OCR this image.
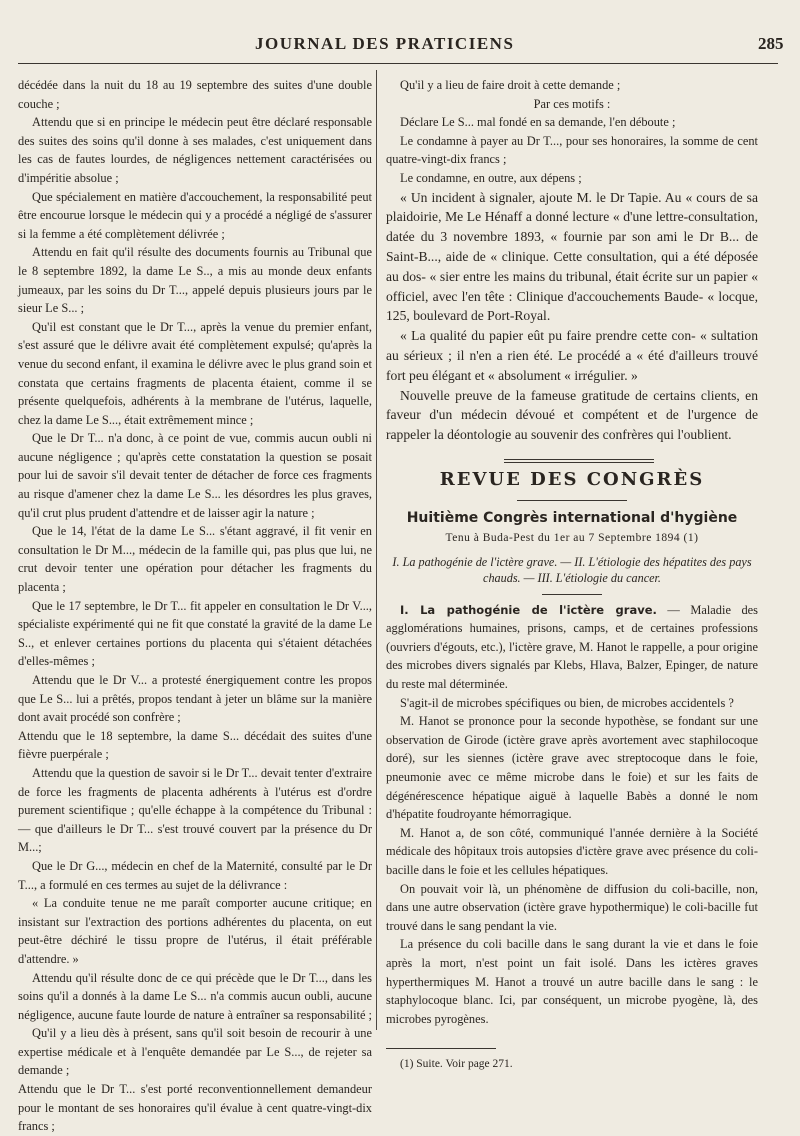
JOURNAL DES PRATICIENS	285

décédée dans la nuit du 18 au 19 septembre des suites d'une double couche ;

Attendu que si en principe le médecin peut être déclaré responsable des suites des soins qu'il donne à ses malades, c'est uniquement dans les cas de fautes lourdes, de négligences nettement caractérisées ou d'impéritie absolue ;

Que spécialement en matière d'accouchement, la responsabilité peut être encourue lorsque le médecin qui y a procédé a négligé de s'assurer si la femme a été complètement délivrée ;

Attendu en fait qu'il résulte des documents fournis au Tribunal que le 8 septembre 1892, la dame Le S.., a mis au monde deux enfants jumeaux, par les soins du Dr T..., appelé depuis plusieurs jours par le sieur Le S... ;

Qu'il est constant que le Dr T..., après la venue du premier enfant, s'est assuré que le délivre avait été complètement expulsé; qu'après la venue du second enfant, il examina le délivre avec le plus grand soin et constata que certains fragments de placenta étaient, comme il se présente quelquefois, adhérents à la membrane de l'utérus, laquelle, chez la dame Le S..., était extrêmement mince ;

Que le Dr T... n'a donc, à ce point de vue, commis aucun oubli ni aucune négligence ; qu'après cette constatation la question se posait pour lui de savoir s'il devait tenter de détacher de force ces fragments au risque d'amener chez la dame Le S... les désordres les plus graves, qu'il crut plus prudent d'attendre et de laisser agir la nature ;

Que le 14, l'état de la dame Le S... s'étant aggravé, il fit venir en consultation le Dr M..., médecin de la famille qui, pas plus que lui, ne crut devoir tenter une opération pour détacher les fragments du placenta ;

Que le 17 septembre, le Dr T... fit appeler en consultation le Dr V..., spécialiste expérimenté qui ne fit que constaté la gravité de la dame Le S.., et enlever certaines portions du placenta qui s'étaient détachées d'elles-mêmes ;

Attendu que le Dr V... a protesté énergiquement contre les propos que Le S... lui a prêtés, propos tendant à jeter un blâme sur la manière dont avait procédé son confrère ;

Attendu que le 18 septembre, la dame S... décédait des suites d'une fièvre puerpérale ;

Attendu que la question de savoir si le Dr T... devait tenter d'extraire de force les fragments de placenta adhérents à l'utérus est d'ordre purement scientifique ; qu'elle échappe à la compétence du Tribunal : — que d'ailleurs le Dr T... s'est trouvé couvert par la présence du Dr M...;

Que le Dr G..., médecin en chef de la Maternité, consulté par le Dr T..., a formulé en ces termes au sujet de la délivrance :

« La conduite tenue ne me paraît comporter aucune critique; en insistant sur l'extraction des portions adhérentes du placenta, on eut peut-être déchiré le tissu propre de l'utérus, il était préférable d'attendre. »

Attendu qu'il résulte donc de ce qui précède que le Dr T..., dans les soins qu'il a donnés à la dame Le S... n'a commis aucun oubli, aucune négligence, aucune faute lourde de nature à entraîner sa responsabilité ;

Qu'il y a lieu dès à présent, sans qu'il soit besoin de recourir à une expertise médicale et à l'enquête demandée par Le S..., de rejeter sa demande ;

Attendu que le Dr T... s'est porté reconventionnellement demandeur pour le montant de ses honoraires qu'il évalue à cent quatre-vingt-dix francs ;

Qu'il y a lieu de faire droit à cette demande ;

Par ces motifs :

Déclare Le S... mal fondé en sa demande, l'en déboute ;

Le condamne à payer au Dr T..., pour ses honoraires, la somme de cent quatre-vingt-dix francs ;

Le condamne, en outre, aux dépens ;

« Un incident à signaler, ajoute M. le Dr Tapie. Au « cours de sa plaidoirie, Me Le Hénaff a donné lecture « d'une lettre-consultation, datée du 3 novembre 1893, « fournie par son ami le Dr B... de Saint-B..., aide de « clinique. Cette consultation, qui a été déposée au dos- « sier entre les mains du tribunal, était écrite sur un papier « officiel, avec l'en tête : Clinique d'accouchements Baude- « locque, 125, boulevard de Port-Royal.

« La qualité du papier eût pu faire prendre cette con- « sultation au sérieux ; il n'en a rien été. Le procédé a « été d'ailleurs trouvé fort peu élégant et « absolument « irrégulier. »

Nouvelle preuve de la fameuse gratitude de certains clients, en faveur d'un médecin dévoué et compétent et de l'urgence de rappeler la déontologie au souvenir des confrères qui l'oublient.

REVUE DES CONGRÈS
Huitième Congrès international d'hygiène
Tenu à Buda-Pest du 1er au 7 Septembre 1894 (1)
I. La pathogénie de l'ictère grave. — II. L'étiologie des hépatites des pays chauds. — III. L'étiologie du cancer.

I. La pathogénie de l'ictère grave. — Maladie des agglomérations humaines, prisons, camps, et de certaines professions (ouvriers d'égouts, etc.), l'ictère grave, M. Hanot le rappelle, a pour origine des microbes divers signalés par Klebs, Hlava, Balzer, Epinger, de nature du reste mal déterminée.

S'agit-il de microbes spécifiques ou bien, de microbes accidentels ?

M. Hanot se prononce pour la seconde hypothèse, se fondant sur une observation de Girode (ictère grave après avortement avec staphilocoque doré), sur les siennes (ictère grave avec streptocoque dans le foie, pneumonie avec ce même microbe dans le foie) et sur les faits de dégénérescence hépatique aiguë à laquelle Babès a donné le nom d'hépatite foudroyante hémorragique.

M. Hanot a, de son côté, communiqué l'année dernière à la Société médicale des hôpitaux trois autopsies d'ictère grave avec présence du coli-bacille dans le foie et les cellules hépatiques.

On pouvait voir là, un phénomène de diffusion du coli-bacille, non, dans une autre observation (ictère grave hypothermique) le coli-bacille fut trouvé dans le sang pendant la vie.

La présence du coli bacille dans le sang durant la vie et dans le foie après la mort, n'est point un fait isolé. Dans les ictères graves hyperthermiques M. Hanot a trouvé un autre bacille dans le sang : le staphylocoque blanc. Ici, par conséquent, un microbe pyogène, là, des microbes pyrogènes.

(1) Suite. Voir page 271.
